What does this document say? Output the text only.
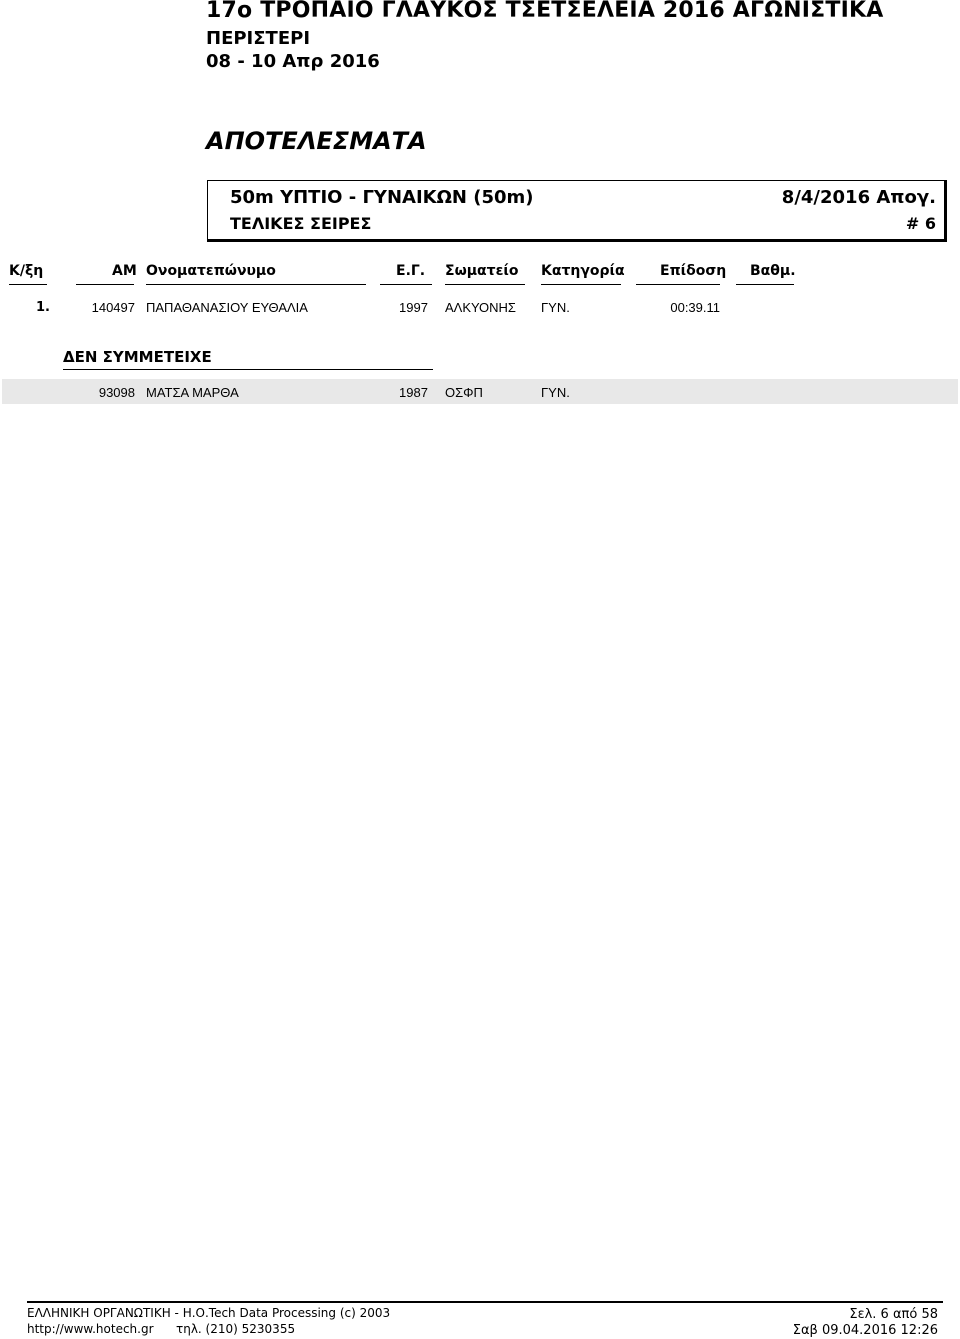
17ο ΤΡΟΠΑΙΟ ΓΛΑΥΚΟΣ ΤΣΕΤΣΕΛΕΙΑ 2016 ΑΓΩΝΙΣΤΙΚΑ
ΠΕΡΙΣΤΕΡΙ
08 - 10 Απρ 2016
ΑΠΟΤΕΛΕΣΜΑΤΑ
50m ΥΠΤΙΟ - ΓΥΝΑΙΚΩΝ (50m)	8/4/2016 Απογ.
ΤΕΛΙΚΕΣ ΣΕΙΡΕΣ	# 6
Κ/ξη	ΑΜ Ονοματεπώνυμο	Ε.Γ. Σωματείο Κατηγορία	Επίδοση Βαθμ.
1.	140497 ΠΑΠΑΘΑΝΑΣΙΟΥ ΕΥΘΑΛΙΑ	1997 ΑΛΚΥΟΝΗΣ ΓΥΝ.	00:39.11
ΔΕΝ ΣΥΜΜΕΤΕΙΧΕ
93098 ΜΑΤΣΑ ΜΑΡΘΑ	1987 ΟΣΦΠ	ΓΥΝ.
ΕΛΛΗΝΙΚΗ ΟΡΓΑΝΩΤΙΚΗ - Η.Ο.Tech Data Processing (c) 2003
http://www.hotech.gr τηλ. (210) 5230355
Σελ. 6 από 58
Σαβ 09.04.2016 12:26
